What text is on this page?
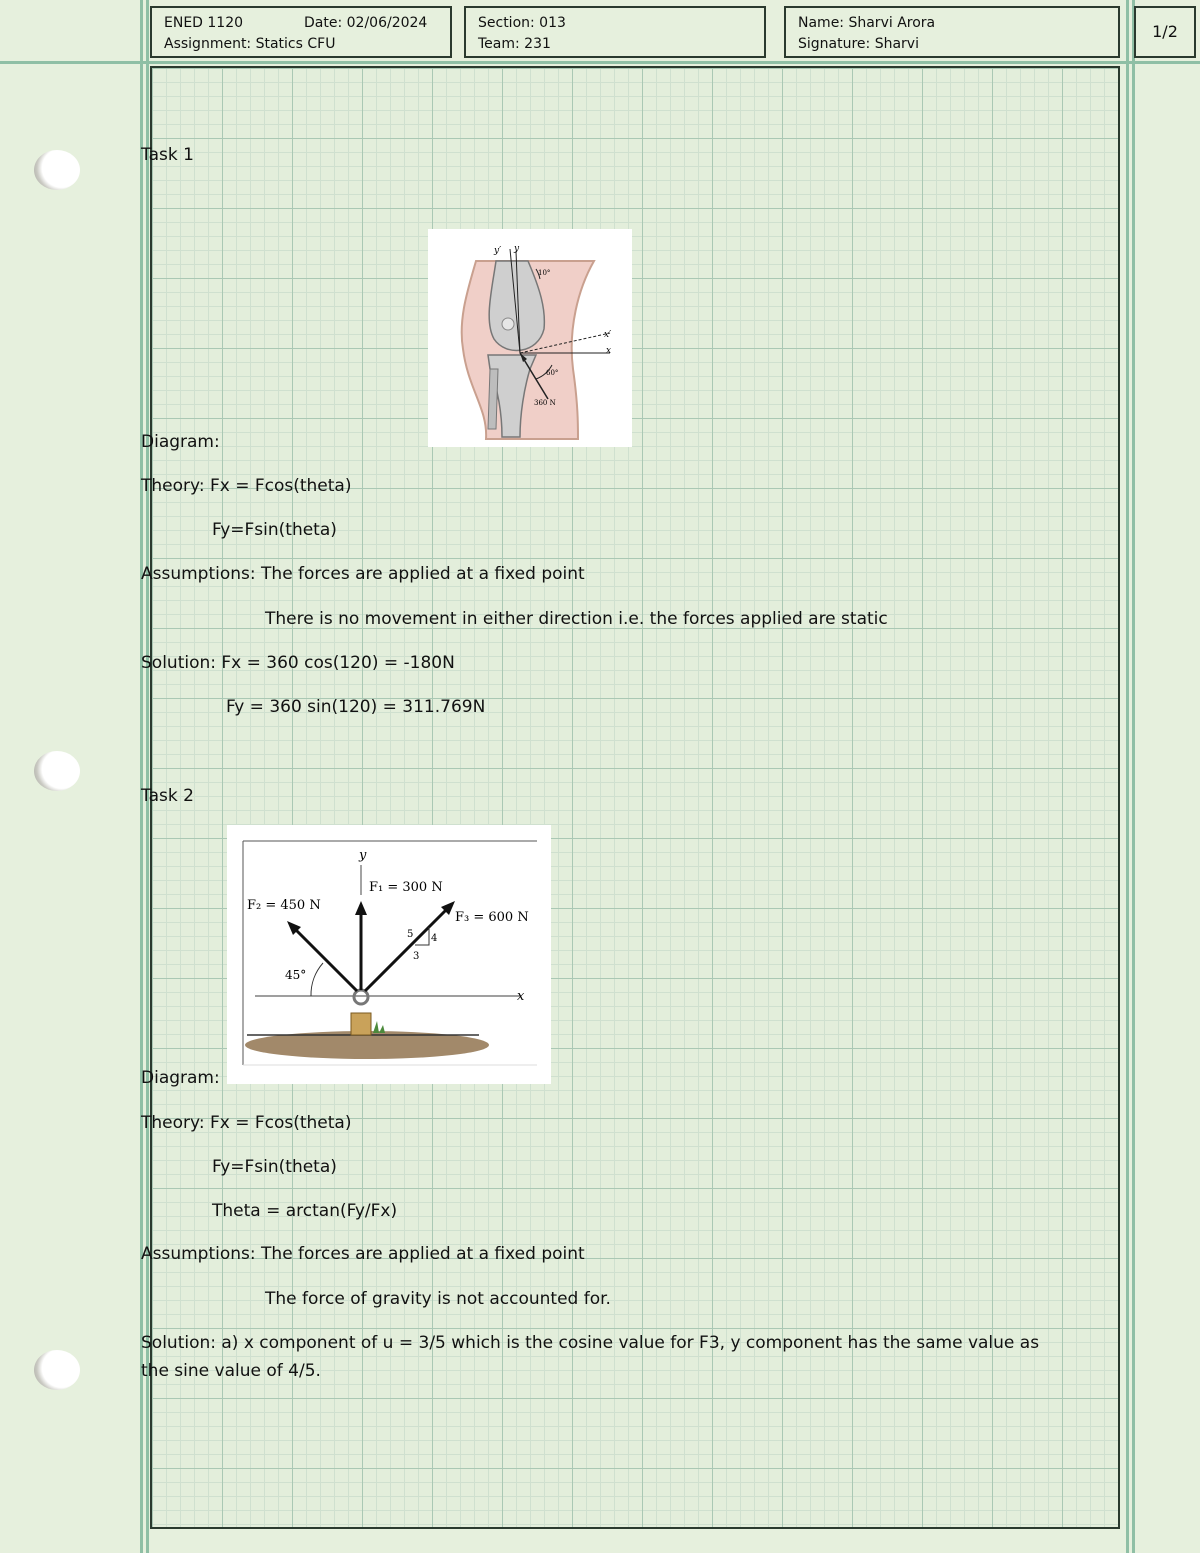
ENED 1120	Date: 02/06/2024
Assignment: Statics CFU
Section: 013
Team: 231
Name: Sharvi Arora
Signature: Sharvi
1/2
Task 1
y′ y
10°
x′
x
60°
360 N
Diagram:
Theory: Fx = Fcos(theta)
Fy=Fsin(theta)
Assumptions: The forces are applied at a fixed point
There is no movement in either direction i.e. the forces applied are static
Solution: Fx = 360 cos(120) = -180N
Fy = 360 sin(120) = 311.769N
Task 2
y
F₁ = 300 N
F₂ = 450 N
F₃ = 600 N
45°
5 4
3
x
Diagram:
Theory: Fx = Fcos(theta)
Fy=Fsin(theta)
Theta = arctan(Fy/Fx)
Assumptions: The forces are applied at a fixed point
The force of gravity is not accounted for.
Solution: a) x component of u = 3/5 which is the cosine value for F3, y component has the same value as
the sine value of 4/5.
